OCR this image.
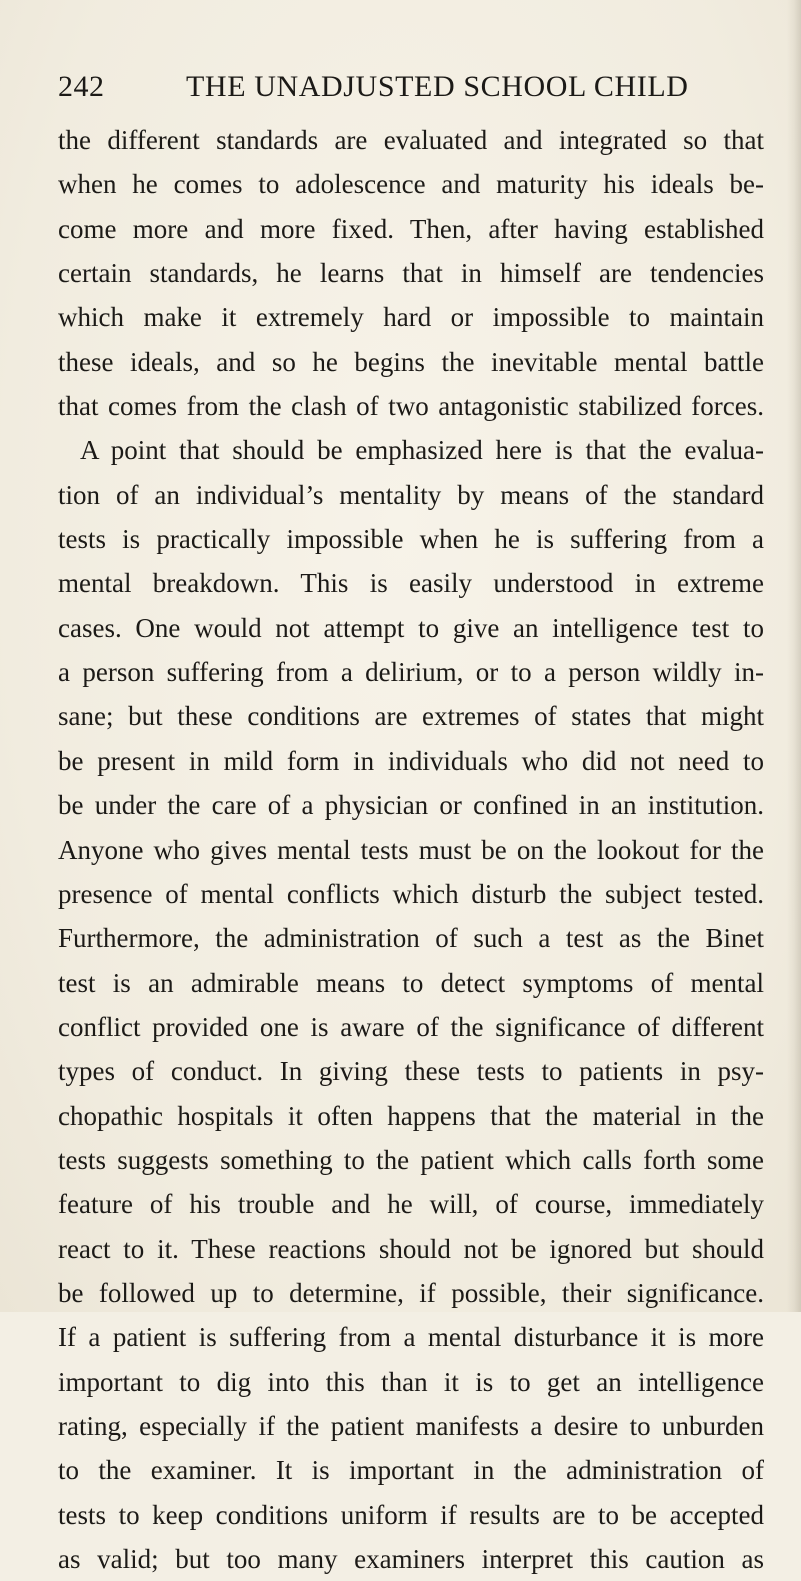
242	THE UNADJUSTED SCHOOL CHILD
the different standards are evaluated and integrated so that
when he comes to adolescence and maturity his ideals be-
come more and more fixed. Then, after having established
certain standards, he learns that in himself are tendencies
which make it extremely hard or impossible to maintain
these ideals, and so he begins the inevitable mental battle
that comes from the clash of two antagonistic stabilized forces.
A point that should be emphasized here is that the evalua-
tion of an individual’s mentality by means of the standard
tests is practically impossible when he is suffering from a
mental breakdown. This is easily understood in extreme
cases. One would not attempt to give an intelligence test to
a person suffering from a delirium, or to a person wildly in-
sane; but these conditions are extremes of states that might
be present in mild form in individuals who did not need to
be under the care of a physician or confined in an institution.
Anyone who gives mental tests must be on the lookout for the
presence of mental conflicts which disturb the subject tested.
Furthermore, the administration of such a test as the Binet
test is an admirable means to detect symptoms of mental
conflict provided one is aware of the significance of different
types of conduct. In giving these tests to patients in psy-
chopathic hospitals it often happens that the material in the
tests suggests something to the patient which calls forth some
feature of his trouble and he will, of course, immediately
react to it. These reactions should not be ignored but should
be followed up to determine, if possible, their significance.
If a patient is suffering from a mental disturbance it is more
important to dig into this than it is to get an intelligence
rating, especially if the patient manifests a desire to unburden
to the examiner. It is important in the administration of
tests to keep conditions uniform if results are to be accepted
as valid; but too many examiners interpret this caution as
